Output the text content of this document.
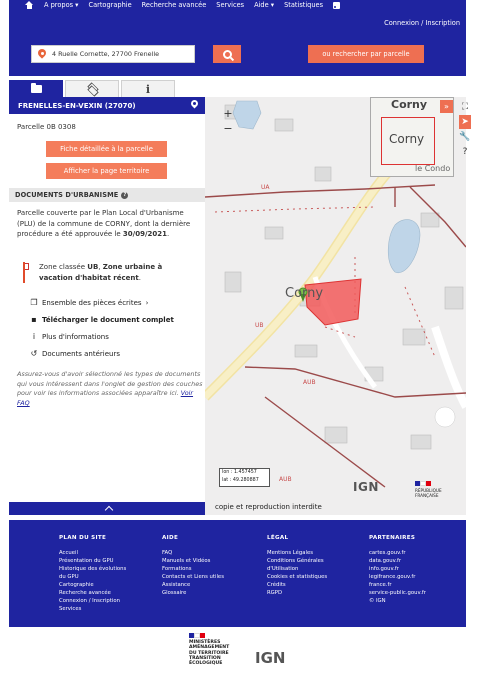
A propos ▾ Cartographie Recherche avancée Services Aide ▾ Statistiques
Connexion / Inscription
4 Ruelle Cornette, 27700 Frenelle
ou rechercher par parcelle
i
FRENELLES-EN-VEXIN (27070)
Parcelle 0B 0308
Fiche détaillée à la parcelle
Afficher la page territoire
DOCUMENTS D'URBANISME ?
Parcelle couverte par le Plan Local d'Urbanisme (PLU) de la commune de CORNY, dont la dernière procédure a été approuvée le 30/09/2021.
Zone classée UB, Zone urbaine à vacation d'habitat récent.
❐ Ensemble des pièces écrites ›
▪ Télécharger le document complet
i Plus d'informations
↺ Documents antérieurs
Assurez-vous d'avoir sélectionné les types de documents qui vous intéressent dans l'onglet de gestion des couches pour voir les informations associées apparaître ici. Voir FAQ
Corny
UA
UB
AUB
AUB
+
−
Corny
Corny
le Condo
»	⛶
➤
🔧
?
lon : 1.457457
lat : 49.280887	IGN	RÉPUBLIQUE FRANÇAISE
copie et reproduction interdite
PLAN DU SITE
Accueil
Présentation du GPU
Historique des évolutions
du GPU
Cartographie
Recherche avancée
Connexion / Inscription
Services
AIDE
FAQ
Manuels et Vidéos
Formations
Contacts et Liens utiles
Assistance
Glossaire
LÉGAL
Mentions Légales
Conditions Générales
d'Utilisation
Cookies et statistiques
Crédits
RGPD
PARTENAIRES
cartes.gouv.fr
data.gouv.fr
info.gouv.fr
legifrance.gouv.fr
france.fr
service-public.gouv.fr
© IGN
MINISTÈRES
AMÉNAGEMENT
DU TERRITOIRE
TRANSITION
ÉCOLOGIQUE	IGN
